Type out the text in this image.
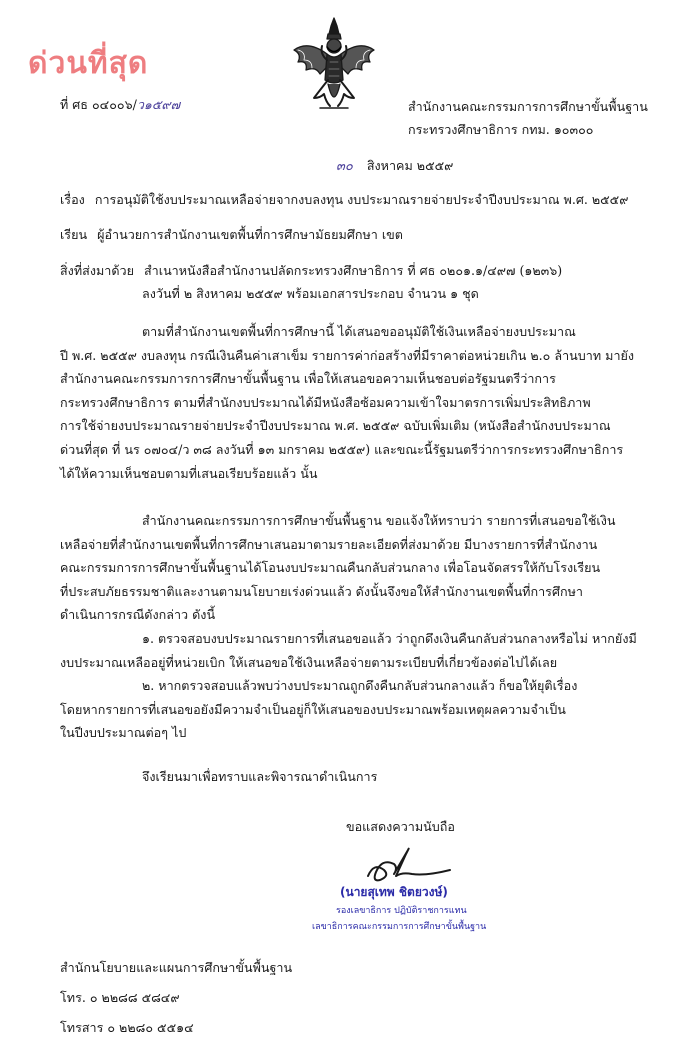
ด่วนที่สุด
ที่ ศธ ๐๔๐๐๖/ว๑๕๙๗	สำนักงานคณะกรรมการการศึกษาขั้นพื้นฐาน
กระทรวงศึกษาธิการ กทม. ๑๐๓๐๐
๓๐ สิงหาคม ๒๕๕๙
เรื่อง การอนุมัติใช้งบประมาณเหลือจ่ายจากงบลงทุน งบประมาณรายจ่ายประจำปีงบประมาณ พ.ศ. ๒๕๕๙
เรียน ผู้อำนวยการสำนักงานเขตพื้นที่การศึกษามัธยมศึกษา เขต
สิ่งที่ส่งมาด้วย สำเนาหนังสือสำนักงานปลัดกระทรวงศึกษาธิการ ที่ ศธ ๐๒๐๑.๑/๔๙๗ (๑๒๓๖)
ลงวันที่ ๒ สิงหาคม ๒๕๕๙ พร้อมเอกสารประกอบ จำนวน ๑ ชุด
ตามที่สำนักงานเขตพื้นที่การศึกษานี้ ได้เสนอขออนุมัติใช้เงินเหลือจ่ายงบประมาณ
ปี พ.ศ. ๒๕๕๙ งบลงทุน กรณีเงินคืนค่าเสาเข็ม รายการค่าก่อสร้างที่มีราคาต่อหน่วยเกิน ๒.๐ ล้านบาท มายัง
สำนักงานคณะกรรมการการศึกษาขั้นพื้นฐาน เพื่อให้เสนอขอความเห็นชอบต่อรัฐมนตรีว่าการ
กระทรวงศึกษาธิการ ตามที่สำนักงบประมาณได้มีหนังสือซ้อมความเข้าใจมาตรการเพิ่มประสิทธิภาพ
การใช้จ่ายงบประมาณรายจ่ายประจำปีงบประมาณ พ.ศ. ๒๕๕๙ ฉบับเพิ่มเติม (หนังสือสำนักงบประมาณ
ด่วนที่สุด ที่ นร ๐๗๐๔/ว ๓๘ ลงวันที่ ๑๓ มกราคม ๒๕๕๙) และขณะนี้รัฐมนตรีว่าการกระทรวงศึกษาธิการ
ได้ให้ความเห็นชอบตามที่เสนอเรียบร้อยแล้ว นั้น
สำนักงานคณะกรรมการการศึกษาขั้นพื้นฐาน ขอแจ้งให้ทราบว่า รายการที่เสนอขอใช้เงิน
เหลือจ่ายที่สำนักงานเขตพื้นที่การศึกษาเสนอมาตามรายละเอียดที่ส่งมาด้วย มีบางรายการที่สำนักงาน
คณะกรรมการการศึกษาขั้นพื้นฐานได้โอนงบประมาณคืนกลับส่วนกลาง เพื่อโอนจัดสรรให้กับโรงเรียน
ที่ประสบภัยธรรมชาติและงานตามนโยบายเร่งด่วนแล้ว ดังนั้นจึงขอให้สำนักงานเขตพื้นที่การศึกษา
ดำเนินการกรณีดังกล่าว ดังนี้
๑. ตรวจสอบงบประมาณรายการที่เสนอขอแล้ว ว่าถูกดึงเงินคืนกลับส่วนกลางหรือไม่ หากยังมี
งบประมาณเหลืออยู่ที่หน่วยเบิก ให้เสนอขอใช้เงินเหลือจ่ายตามระเบียบที่เกี่ยวข้องต่อไปได้เลย
๒. หากตรวจสอบแล้วพบว่างบประมาณถูกดึงคืนกลับส่วนกลางแล้ว ก็ขอให้ยุติเรื่อง
โดยหากรายการที่เสนอขอยังมีความจำเป็นอยู่ก็ให้เสนอของบประมาณพร้อมเหตุผลความจำเป็น
ในปีงบประมาณต่อๆ ไป
จึงเรียนมาเพื่อทราบและพิจารณาดำเนินการ
ขอแสดงความนับถือ
(นายสุเทพ ชิตยวงษ์)
รองเลขาธิการ ปฏิบัติราชการแทน
เลขาธิการคณะกรรมการการศึกษาขั้นพื้นฐาน
สำนักนโยบายและแผนการศึกษาขั้นพื้นฐาน
โทร. ๐ ๒๒๘๘ ๕๘๔๙
โทรสาร ๐ ๒๒๘๐ ๕๕๑๔
